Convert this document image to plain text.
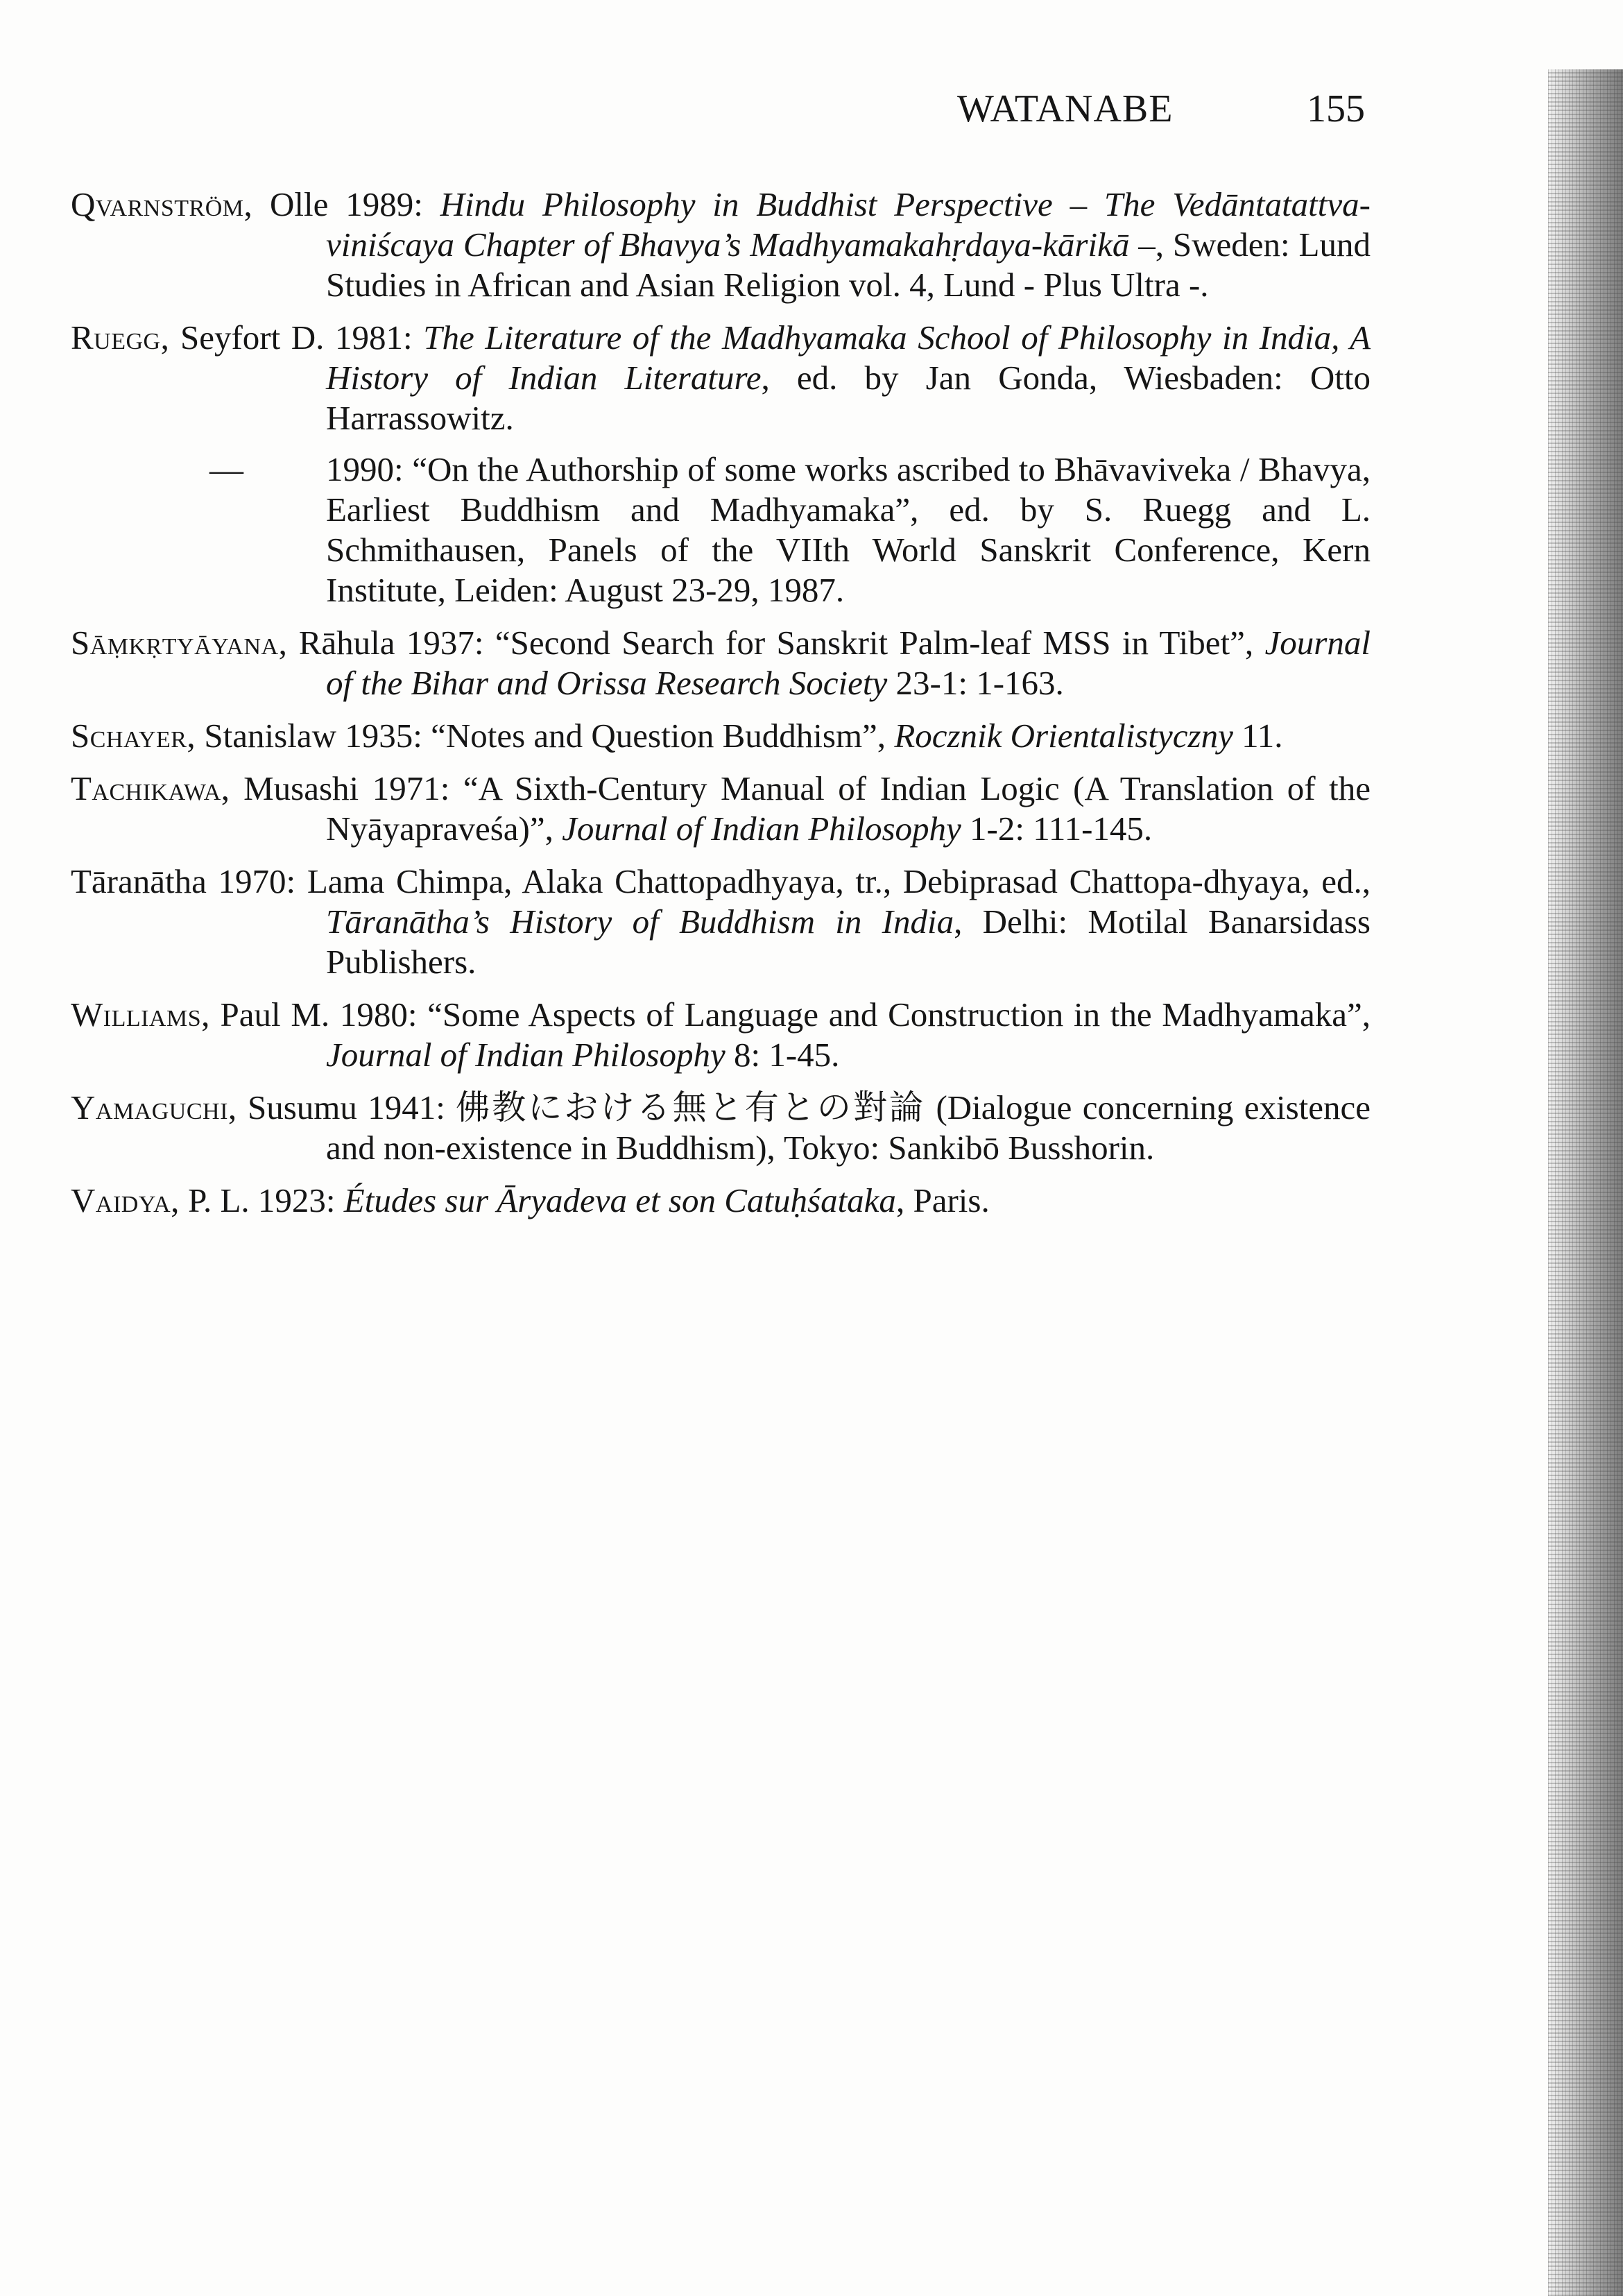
WATANABE	155

Qvarnström, Olle 1989: Hindu Philosophy in Buddhist Perspective – The Vedāntatattva-viniścaya Chapter of Bhavya’s Madhyamakahṛdaya-kārikā –, Sweden: Lund Studies in African and Asian Religion vol. 4, Lund - Plus Ultra -.

Ruegg, Seyfort D. 1981: The Literature of the Madhyamaka School of Philosophy in India, A History of Indian Literature, ed. by Jan Gonda, Wiesbaden: Otto Harrassowitz.

— 1990: “On the Authorship of some works ascribed to Bhāvaviveka / Bhavya, Earliest Buddhism and Madhyamaka”, ed. by S. Ruegg and L. Schmithausen, Panels of the VIIth World Sanskrit Conference, Kern Institute, Leiden: August 23-29, 1987.

Sāṃkṛtyāyana, Rāhula 1937: “Second Search for Sanskrit Palm-leaf MSS in Tibet”, Journal of the Bihar and Orissa Research Society 23-1: 1-163.

Schayer, Stanislaw 1935: “Notes and Question Buddhism”, Rocznik Orientalistyczny 11.

Tachikawa, Musashi 1971: “A Sixth-Century Manual of Indian Logic (A Translation of the Nyāyapraveśa)”, Journal of Indian Philosophy 1-2: 111-145.

Tāranātha 1970: Lama Chimpa, Alaka Chattopadhyaya, tr., Debiprasad Chattopa-dhyaya, ed., Tāranātha’s History of Buddhism in India, Delhi: Motilal Banarsidass Publishers.

Williams, Paul M. 1980: “Some Aspects of Language and Construction in the Madhyamaka”, Journal of Indian Philosophy 8: 1-45.

Yamaguchi, Susumu 1941: 佛教における無と有との對論 (Dialogue concerning existence and non-existence in Buddhism), Tokyo: Sankibō Busshorin.

Vaidya, P. L. 1923: Études sur Āryadeva et son Catuḥśataka, Paris.
